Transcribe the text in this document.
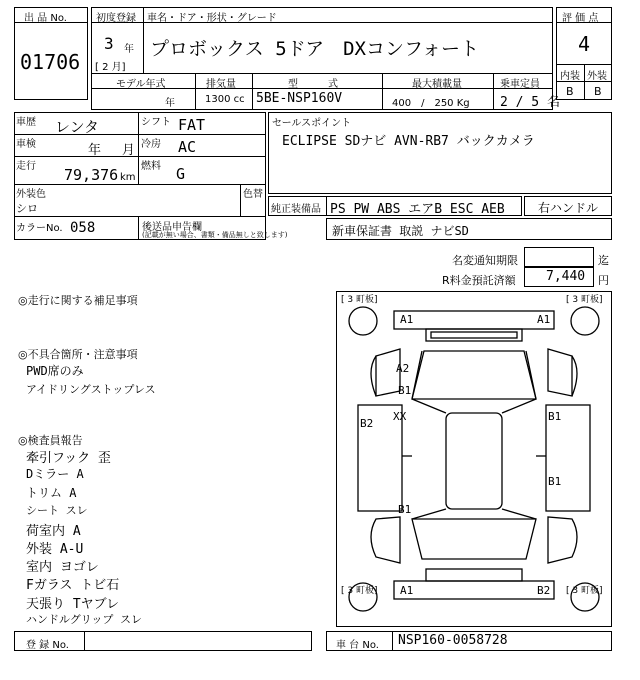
出 品 No.
01706
初度登録 車名・ドア・形状・グレード
3 年
[ 2 月]
プロボックス 5ドア　DXコンフォート
モデル年式	排気量	型　　　式	最大積載量	乗車定員
年	1300 cc 5BE-NSP160V	400　/　250 Kg 2 / 5 名
評 価 点
4
内装 外装
B B
車歴 レンタ	シフト FAT
車検	年　 月 冷房 AC
走行 79,376 km
燃料 G
外装色
シロ
色替
カラーNo. 058	後送品申告欄
(記載が無い場合、書類・備品無しと致します)
セールスポイント
ECLIPSE SDナビ AVN-RB7 バックカメラ
純正装備品 PS PW ABS エアB ESC AEB	右ハンドル
新車保証書 取説 ナビSD
名変通知期限	迄
R料金預託済額 7,440 円
◎走行に関する補足事項
◎不具合箇所・注意事項
PWD席のみ
アイドリングストップレス
◎検査員報告
牽引フック 歪
Dミラー A
トリム A
シート スレ
荷室内 A
外装 A-U
室内 ヨゴレ
Fガラス トビ石
天張り Tヤブレ
ハンドルグリップ スレ
[ 3 町板]	[ 3 町板]
[ 3 町板]	[ 3 町板]
A1	A1
A2
B1
B2
XX	B1
B1
B1
A1	B2
登 録 No.	車 台 No. NSP160-0058728
